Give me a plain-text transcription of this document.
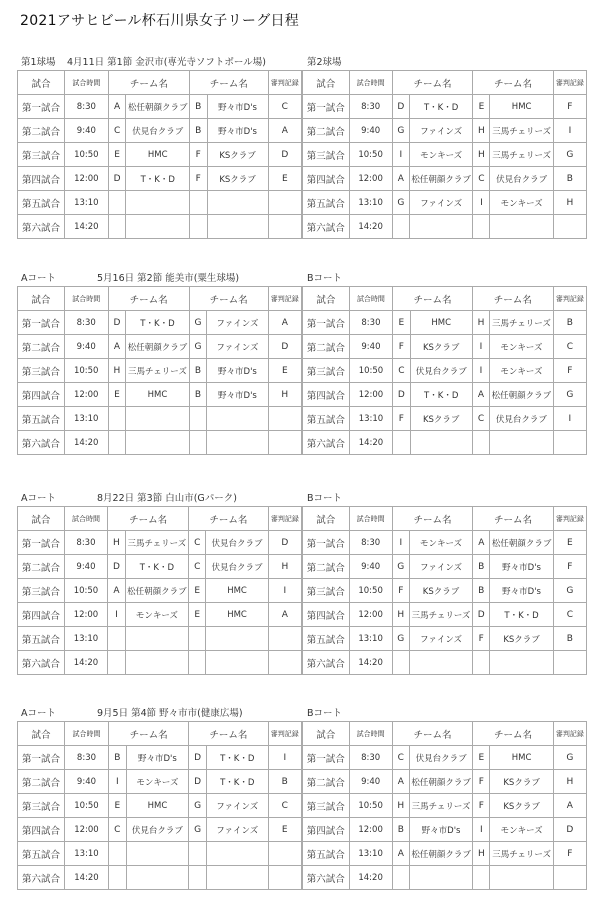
2021アサヒビール杯石川県女子リーグ日程
第1球場 4月11日 第1節 金沢市(専光寺ソフトボール場)	第2球場
試合	試合時間	チーム名		チーム名		審判記録
第一試合	8:30	A	松任朝顔クラブ	B	野々市D's	C
第二試合	9:40	C	伏見台クラブ	B	野々市D's	A
第三試合	10:50	E	HMC	F	KSクラブ	D
第四試合	12:00	D	T・K・D	F	KSクラブ	E
第五試合	13:10					
第六試合	14:20					
試合	試合時間	チーム名		チーム名		審判記録
第一試合	8:30	D	T・K・D	E	HMC	F
第二試合	9:40	G	ファインズ	H	三馬チェリーズ	I
第三試合	10:50	I	モンキーズ	H	三馬チェリーズ	G
第四試合	12:00	A	松任朝顔クラブ	C	伏見台クラブ	B
第五試合	13:10	G	ファインズ	I	モンキーズ	H
第六試合	14:20					
Aコート	5月16日 第2節 能美市(粟生球場)	Bコート
試合	試合時間	チーム名		チーム名		審判記録
第一試合	8:30	D	T・K・D	G	ファインズ	A
第二試合	9:40	A	松任朝顔クラブ	G	ファインズ	D
第三試合	10:50	H	三馬チェリーズ	B	野々市D's	E
第四試合	12:00	E	HMC	B	野々市D's	H
第五試合	13:10					
第六試合	14:20					
試合	試合時間	チーム名		チーム名		審判記録
第一試合	8:30	E	HMC	H	三馬チェリーズ	B
第二試合	9:40	F	KSクラブ	I	モンキーズ	C
第三試合	10:50	C	伏見台クラブ	I	モンキーズ	F
第四試合	12:00	D	T・K・D	A	松任朝顔クラブ	G
第五試合	13:10	F	KSクラブ	C	伏見台クラブ	I
第六試合	14:20					
Aコート	8月22日 第3節 白山市(Gパーク)	Bコート
試合	試合時間	チーム名		チーム名		審判記録
第一試合	8:30	H	三馬チェリーズ	C	伏見台クラブ	D
第二試合	9:40	D	T・K・D	C	伏見台クラブ	H
第三試合	10:50	A	松任朝顔クラブ	E	HMC	I
第四試合	12:00	I	モンキーズ	E	HMC	A
第五試合	13:10					
第六試合	14:20					
試合	試合時間	チーム名		チーム名		審判記録
第一試合	8:30	I	モンキーズ	A	松任朝顔クラブ	E
第二試合	9:40	G	ファインズ	B	野々市D's	F
第三試合	10:50	F	KSクラブ	B	野々市D's	G
第四試合	12:00	H	三馬チェリーズ	D	T・K・D	C
第五試合	13:10	G	ファインズ	F	KSクラブ	B
第六試合	14:20					
Aコート	9月5日 第4節 野々市市(健康広場)	Bコート
試合	試合時間	チーム名		チーム名		審判記録
第一試合	8:30	B	野々市D's	D	T・K・D	I
第二試合	9:40	I	モンキーズ	D	T・K・D	B
第三試合	10:50	E	HMC	G	ファインズ	C
第四試合	12:00	C	伏見台クラブ	G	ファインズ	E
第五試合	13:10					
第六試合	14:20					
試合	試合時間	チーム名		チーム名		審判記録
第一試合	8:30	C	伏見台クラブ	E	HMC	G
第二試合	9:40	A	松任朝顔クラブ	F	KSクラブ	H
第三試合	10:50	H	三馬チェリーズ	F	KSクラブ	A
第四試合	12:00	B	野々市D's	I	モンキーズ	D
第五試合	13:10	A	松任朝顔クラブ	H	三馬チェリーズ	F
第六試合	14:20					
